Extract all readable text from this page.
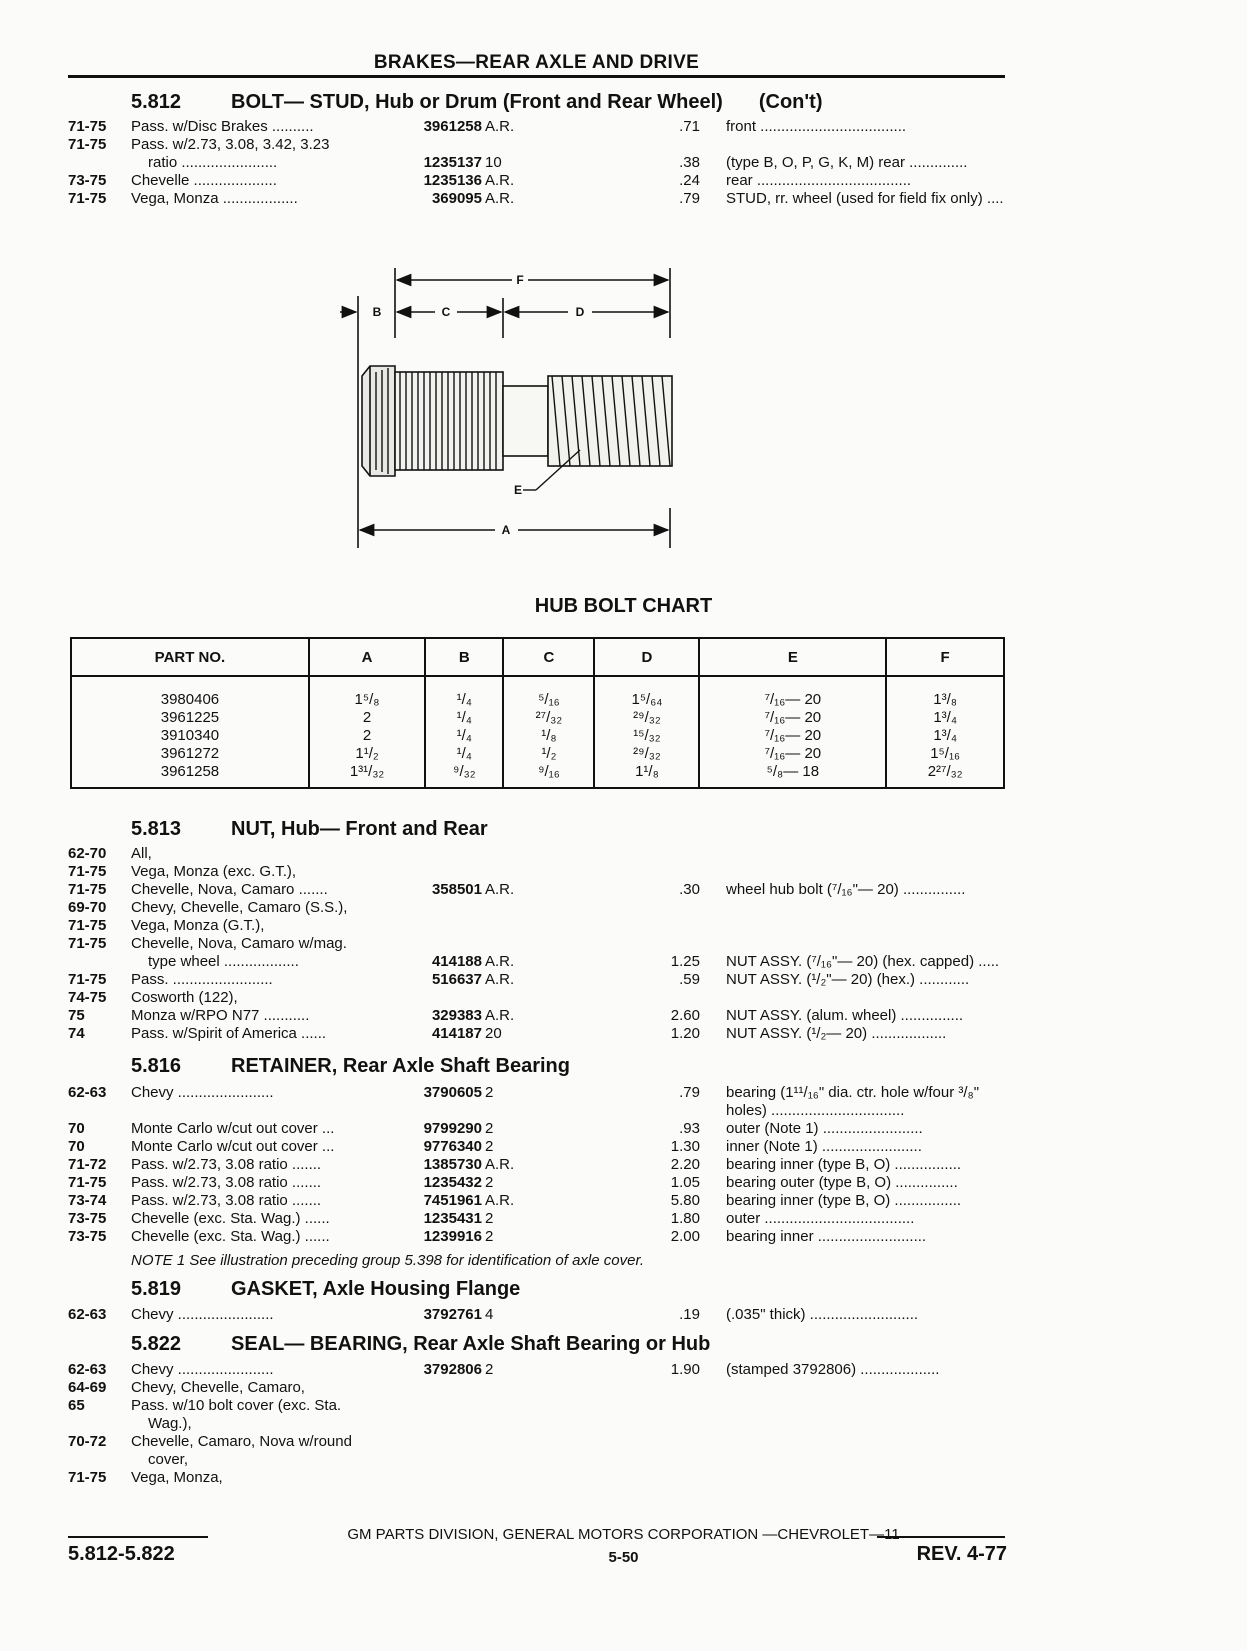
BRAKES—REAR AXLE AND DRIVE
5.812 BOLT— STUD, Hub or Drum (Front and Rear Wheel) (Con't)
71-75 Pass. w/Disc Brakes ..........	3961258 A.R.	.71 front ...................................
71-75 Pass. w/2.73, 3.08, 3.42, 3.23
ratio .......................	1235137 10	.38 (type B, O, P, G, K, M) rear ..............
73-75 Chevelle ....................	1235136 A.R.	.24 rear .....................................
71-75 Vega, Monza ..................	369095 A.R.	.79 STUD, rr. wheel (used for field fix only) ....
F
B	C	D
E
A
HUB BOLT CHART
PART NO.	A	B	C	D	E	F
3980406	1⁵/₈	¹/₄	⁵/₁₆	1⁵/₆₄	⁷/₁₆— 20	1³/₈
3961225	2	¹/₄	²⁷/₃₂	²⁹/₃₂	⁷/₁₆— 20	1³/₄
3910340	2	¹/₄	¹/₈	¹⁵/₃₂	⁷/₁₆— 20	1³/₄
3961272	1¹/₂	¹/₄	¹/₂	²⁹/₃₂	⁷/₁₆— 20	1⁵/₁₆
3961258	1³¹/₃₂	⁹/₃₂	⁹/₁₆	1¹/₈	⁵/₈— 18	2²⁷/₃₂
5.813 NUT, Hub— Front and Rear
62-70 All,
71-75 Vega, Monza (exc. G.T.),
71-75 Chevelle, Nova, Camaro .......	358501 A.R.	.30 wheel hub bolt (⁷/₁₆"— 20) ...............
69-70 Chevy, Chevelle, Camaro (S.S.),
71-75 Vega, Monza (G.T.),
71-75 Chevelle, Nova, Camaro w/mag.
type wheel ..................	414188 A.R.	1.25 NUT ASSY. (⁷/₁₆"— 20) (hex. capped) .....
71-75 Pass. ........................	516637 A.R.	.59 NUT ASSY. (¹/₂"— 20) (hex.) ............
74-75 Cosworth (122),
75	Monza w/RPO N77 ...........	329383 A.R.	2.60 NUT ASSY. (alum. wheel) ...............
74	Pass. w/Spirit of America ......	414187 20	1.20 NUT ASSY. (¹/₂— 20) ..................
5.816 RETAINER, Rear Axle Shaft Bearing
62-63 Chevy .......................	3790605 2	.79 bearing (1¹¹/₁₆" dia. ctr. hole w/four ³/₈"
holes) ................................
70	Monte Carlo w/cut out cover ...	9799290 2	.93 outer (Note 1) ........................
70	Monte Carlo w/cut out cover ...	9776340 2	1.30 inner (Note 1) ........................
71-72 Pass. w/2.73, 3.08 ratio .......	1385730 A.R.	2.20 bearing inner (type B, O) ................
71-75 Pass. w/2.73, 3.08 ratio .......	1235432 2	1.05 bearing outer (type B, O) ...............
73-74 Pass. w/2.73, 3.08 ratio .......	7451961 A.R.	5.80 bearing inner (type B, O) ................
73-75 Chevelle (exc. Sta. Wag.) ......	1235431 2	1.80 outer ....................................
73-75 Chevelle (exc. Sta. Wag.) ......	1239916 2	2.00 bearing inner ..........................
NOTE 1 See illustration preceding group 5.398 for identification of axle cover.
5.819 GASKET, Axle Housing Flange
62-63 Chevy .......................	3792761 4	.19 (.035" thick) ..........................
5.822 SEAL— BEARING, Rear Axle Shaft Bearing or Hub
62-63 Chevy .......................	3792806 2	1.90 (stamped 3792806) ...................
64-69 Chevy, Chevelle, Camaro,
65	Pass. w/10 bolt cover (exc. Sta.
Wag.),
70-72 Chevelle, Camaro, Nova w/round
cover,
71-75 Vega, Monza,
GM PARTS DIVISION, GENERAL MOTORS CORPORATION —CHEVROLET—11
5.812-5.822	5-50	REV. 4-77
